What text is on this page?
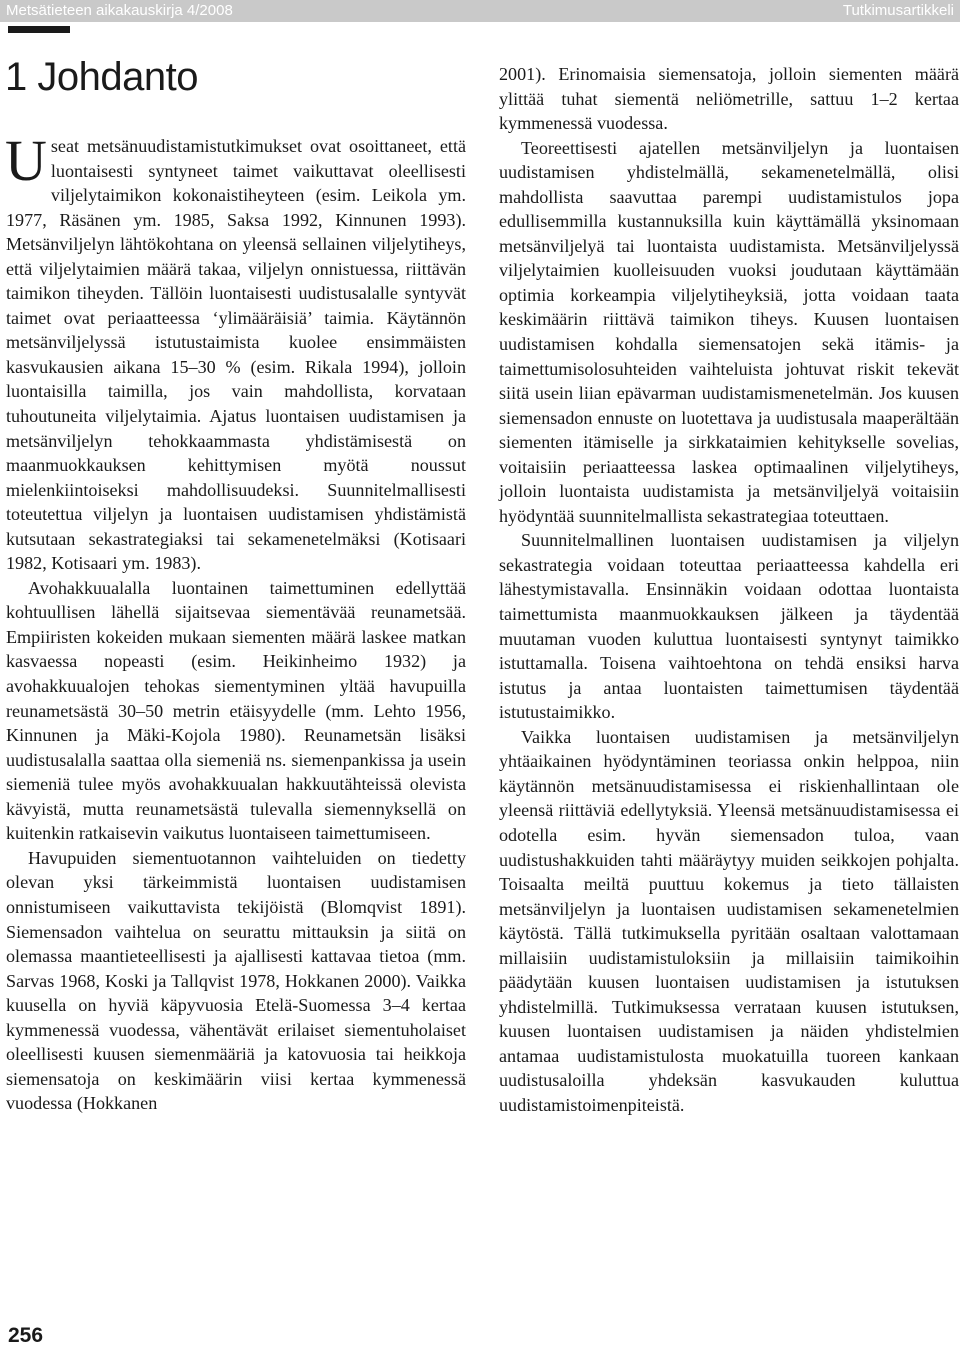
Metsätieteen aikakauskirja 4/2008	Tutkimusartikkeli
1 Johdanto

Useat metsänuudistamistutkimukset ovat osoittaneet, että luontaisesti syntyneet taimet vaikuttavat oleellisesti viljelytaimikon kokonaistiheyteen (esim. Leikola ym. 1977, Räsänen ym. 1985, Saksa 1992, Kinnunen 1993). Metsänviljelyn lähtökohtana on yleensä sellainen viljelytiheys, että viljelytaimien määrä takaa, viljelyn onnistuessa, riittävän taimikon tiheyden. Tällöin luontaisesti uudistusalalle syntyvät taimet ovat periaatteessa ‘ylimääräisiä’ taimia. Käytännön metsänviljelyssä istutustaimista kuolee ensimmäisten kasvukausien aikana 15–30 % (esim. Rikala 1994), jolloin luontaisilla taimilla, jos vain mahdollista, korvataan tuhoutuneita viljelytaimia. Ajatus luontaisen uudistamisen ja metsänviljelyn tehokkaammasta yhdistämisestä on maanmuokkauksen kehittymisen myötä noussut mielenkiintoiseksi mahdollisuudeksi. Suunnitelmallisesti toteutettua viljelyn ja luontaisen uudistamisen yhdistämistä kutsutaan sekastrategiaksi tai sekamenetelmäksi (Kotisaari 1982, Kotisaari ym. 1983).

Avohakkuualalla luontainen taimettuminen edellyttää kohtuullisen lähellä sijaitsevaa siementävää reunametsää. Empiiristen kokeiden mukaan siementen määrä laskee matkan kasvaessa nopeasti (esim. Heikinheimo 1932) ja avohakkuualojen tehokas siementyminen yltää havupuilla reunametsästä 30–50 metrin etäisyydelle (mm. Lehto 1956, Kinnunen ja Mäki-Kojola 1980). Reunametsän lisäksi uudistusalalla saattaa olla siemeniä ns. siemenpankissa ja usein siemeniä tulee myös avohakkuualan hakkuutähteissä olevista kävyistä, mutta reunametsästä tulevalla siemennyksellä on kuitenkin ratkaisevin vaikutus luontaiseen taimettumiseen.

Havupuiden siementuotannon vaihteluiden on tiedetty olevan yksi tärkeimmistä luontaisen uudistamisen onnistumiseen vaikuttavista tekijöistä (Blomqvist 1891). Siemensadon vaihtelua on seurattu mittauksin ja siitä on olemassa maantieteellisesti ja ajallisesti kattavaa tietoa (mm. Sarvas 1968, Koski ja Tallqvist 1978, Hokkanen 2000). Vaikka kuusella on hyviä käpyvuosia Etelä-Suomessa 3–4 kertaa kymmenessä vuodessa, vähentävät erilaiset siementuholaiset oleellisesti kuusen siemenmääriä ja katovuosia tai heikkoja siemensatoja on keskimäärin viisi kertaa kymmenessä vuodessa (Hokkanen

2001). Erinomaisia siemensatoja, jolloin siementen määrä ylittää tuhat siementä neliömetrille, sattuu 1–2 kertaa kymmenessä vuodessa.

Teoreettisesti ajatellen metsänviljelyn ja luontaisen uudistamisen yhdistelmällä, sekamenetelmällä, olisi mahdollista saavuttaa parempi uudistamistulos jopa edullisemmilla kustannuksilla kuin käyttämällä yksinomaan metsänviljelyä tai luontaista uudistamista. Metsänviljelyssä viljelytaimien kuolleisuuden vuoksi joudutaan käyttämään optimia korkeampia viljelytiheyksiä, jotta voidaan taata keskimäärin riittävä taimikon tiheys. Kuusen luontaisen uudistamisen kohdalla siemensatojen sekä itämis- ja taimettumisolosuhteiden vaihteluista johtuvat riskit tekevät siitä usein liian epävarman uudistamismenetelmän. Jos kuusen siemensadon ennuste on luotettava ja uudistusala maaperältään siementen itämiselle ja sirkkataimien kehitykselle sovelias, voitaisiin periaatteessa laskea optimaalinen viljelytiheys, jolloin luontaista uudistamista ja metsänviljelyä voitaisiin hyödyntää suunnitelmallista sekastrategiaa toteuttaen.

Suunnitelmallinen luontaisen uudistamisen ja viljelyn sekastrategia voidaan toteuttaa periaatteessa kahdella eri lähestymistavalla. Ensinnäkin voidaan odottaa luontaista taimettumista maanmuokkauksen jälkeen ja täydentää muutaman vuoden kuluttua luontaisesti syntynyt taimikko istuttamalla. Toisena vaihtoehtona on tehdä ensiksi harva istutus ja antaa luontaisten taimettumisen täydentää istutustaimikko.

Vaikka luontaisen uudistamisen ja metsänviljelyn yhtäaikainen hyödyntäminen teoriassa onkin helppoa, niin käytännön metsänuudistamisessa ei riskienhallintaan ole yleensä riittäviä edellytyksiä. Yleensä metsänuudistamisessa ei odotella esim. hyvän siemensadon tuloa, vaan uudistushakkuiden tahti määräytyy muiden seikkojen pohjalta. Toisaalta meiltä puuttuu kokemus ja tieto tällaisten metsänviljelyn ja luontaisen uudistamisen sekamenetelmien käytöstä. Tällä tutkimuksella pyritään osaltaan valottamaan millaisiin uudistamistuloksiin ja millaisiin taimikoihin päädytään kuusen luontaisen uudistamisen ja istutuksen yhdistelmillä. Tutkimuksessa verrataan kuusen istutuksen, kuusen luontaisen uudistamisen ja näiden yhdistelmien antamaa uudistamistulosta muokatuilla tuoreen kankaan uudistusaloilla yhdeksän kasvukauden kuluttua uudistamistoimenpiteistä.

256
